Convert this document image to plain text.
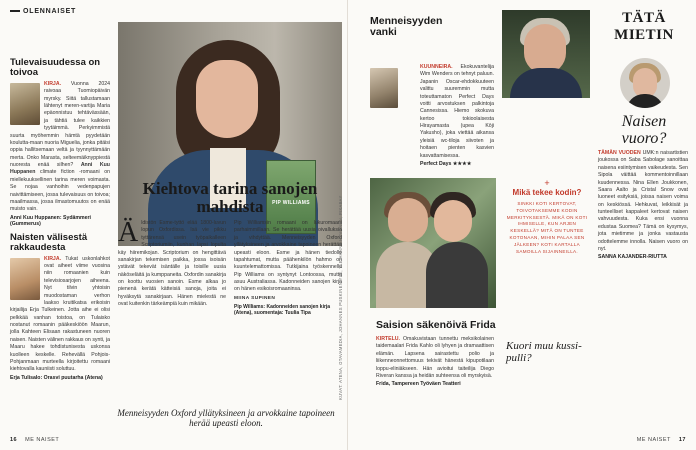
OLENNAISET
Tulevaisuudessa on toivoa

KIRJA. Vuonna 2024 raivoaa Tuomiopäivän myrsky. Siitä tallustamaan lähtenyt meren-vartija Maria epäonnistuu tehtävässään, ja tähtiä tulee kaikkien tyytäimmä. Perkyimmistä suurta myöhemmin hämtä pyydetään koulutta-maan nuoria Miguelia, jonka pitäisi oppia hallitsemaan veltä ja tyynnyttämään merta. Onko Marasta, selteemäiknyppiestä nuoresta enää silhen? Anni Kuu Huppanen climate fiction -romaani on miellekuuksellinen tarina meren voimasta. Se nojaa vanhoihin vedenpapujen naivittämiseen, jossa tulevaisuus on toivoa; maailmassa, jossa ilmastomuutos on enää muisto vain.

Anni Kuu Huppanen: Sydämmeri (Gummerus)
Naisten välisestä rakkaudesta

KIRJA. Tukat uskonlahkot ovat aiheet viime vuosina niin romaanien kuin televisiosarjojen aiheena. Nyt tilvin yhtoisin muodostaman verhon laakso kruitikatsa erikoisin kirjailija Erja Tulkeinen. Jotta aihe ei olisi pelkkää vanhan toistoa, on Tulaisko nostanut romaanin pääkeskiöön Maarun, jolla Kahteen Elisaan rakastuneen nuoren naisen. Naisten välinen rakkaus on synti, ja Maaru hakee tohdistunisesta uskonsa kuolleen keskelle. Rehevällä Pohjois-Pohjanmaan murteella kirjoitettu romaani kiehtovalla kauniisti soluttuu.

Erja Tulisalo: Orasvi puutarha (Atena)
PIP WILLIAMS
Kiehtova tarina sanojen mahdista
Ä ldistön Esme-tyttö elää 1800-luvun lopun Oxfordissa. Isä vie pikku tyttärensä usein työpaikalleen Scriptoriumiin, kunhan lapsi lopulta käy hiiremikojan. Scriptorium on hengittävä sanakirjan tekemisen paikka, jossa isoisän ystävät tekevät isäntälle ja toisille uusia näköseläitä ja kumppaneita. Oxfordin sanakirja on koottu vuosien sanoin. Esme alkaa jo pienenä kerätä kätteisiä sanoja, joita ei hyväksytä sanakirjaan. Hänen mielestä ne ovat kuitenkin tärkeämpiä kuin mikään.

Pip Williamsin romaani on lukuromaani parhaimmillaan. Se herättää uusia oivalluksia ja vihdyttää. Menneisyyden Oxford yllätyksineen ja arvokkaine tapoineen herättää upeasti eloon. Esme ja hänen tiedolle tapahtumat, mutta päähenkilön hahmo on kuuntelemattomissa. Tutkijaina työskennellä Pip Williams on syntynyt Lontoossa, mutta asuu Australiassa. Kadonneiden sanojen kirja on hänen esikoisromaaninsa.

MIINA SUPINEN
Pip Williams: Kadonneiden sanojen kirja (Atena), suomentaja: Tuulia Tipa
Menneisyyden Oxford yllätyksineen ja arvokkaine tapoineen herää upeasti eloon.
KUVAT: ATENA, OTAVAMEDIA, JOHANNES PUSKINEN/YLE, YLE/HANNE HYVÖNEN, PIXABAY
16 ME NAISET
Menneisyyden vanki

KUUNNEIRA. Ekokuvantelija Wim Wenders on tehnyt paluun. Japanin Oscar-ehdokkuuteen valittu suuremmin mutta toteuttamaton Perfect Days voitti arvostuksen palkintoja Cannesissa. Hiemo skokuva kertoo tokioolaisesta Hirayamasta (upea Kōji Yakusho), joka viettää aikansa yleisiä wc-tiloja siivoten ja hoitaen pienten kasvien kasvattamisessa.

Perfect Days ★★★★
+
Mikä tekee kodin?
SINKKI KOTI KERTOVAT, TOIVOTAKSEMME KODIN MERKITYKSESTÄ. MIKÄ ON KOTI IHMISELLE, KUN ARJEN KESKELLÄ? MITÄ ON TUNTEE KOTONAAN, MIHIN PALAA SEN JÄLKEEN? KOTI KARTALLA SAMOILLA SIJAINNEILLA.
Saision säkenöivä Frida

KIRTELU. Omakuvistaan tunnettu meksikolainen taidemaalari Frida Kahlo oli lyhyen ja dramaattisen elämän. Lapsena sairastettu polio ja liikenneonnettomuus tekivät hänestä kipupotilaan loppu-eliniäkseen. Hän avioitui taiteilija Diego Riveran kanssa ja heidän suhteensa oli myrskyisä.

Frida, Tampereen Työväen Teatteri
Kuori muu kussi-pulli?
TÄTÄ MIETIN
Naisen vuoro?

TÄMÄN VUODEN UMK:n naisartistien joukossa on Saba Sabolage sanoittaa naisena esiintymisen vaikeudesta. Sen Sipola väittää kommentoinnillaan kuudennessa. Nina Ellen Joukkonen, Saara Aalto ja Cristal Snow ovat luoneet esityksiä, joissa naisen voima on keskiössä. Hehkuvat, leikkisät ja tunteelliset kappaleet kertovat naisen vahvuudesta. Kuka ensi vuonna edustaa Suomea? Tämä on kysymys, jota mietimme ja jonka vastausta odottelemme innolla. Naisen vuoro on nyt.

SANNA KAJANDER-RIUTTA
ME NAISET 17
